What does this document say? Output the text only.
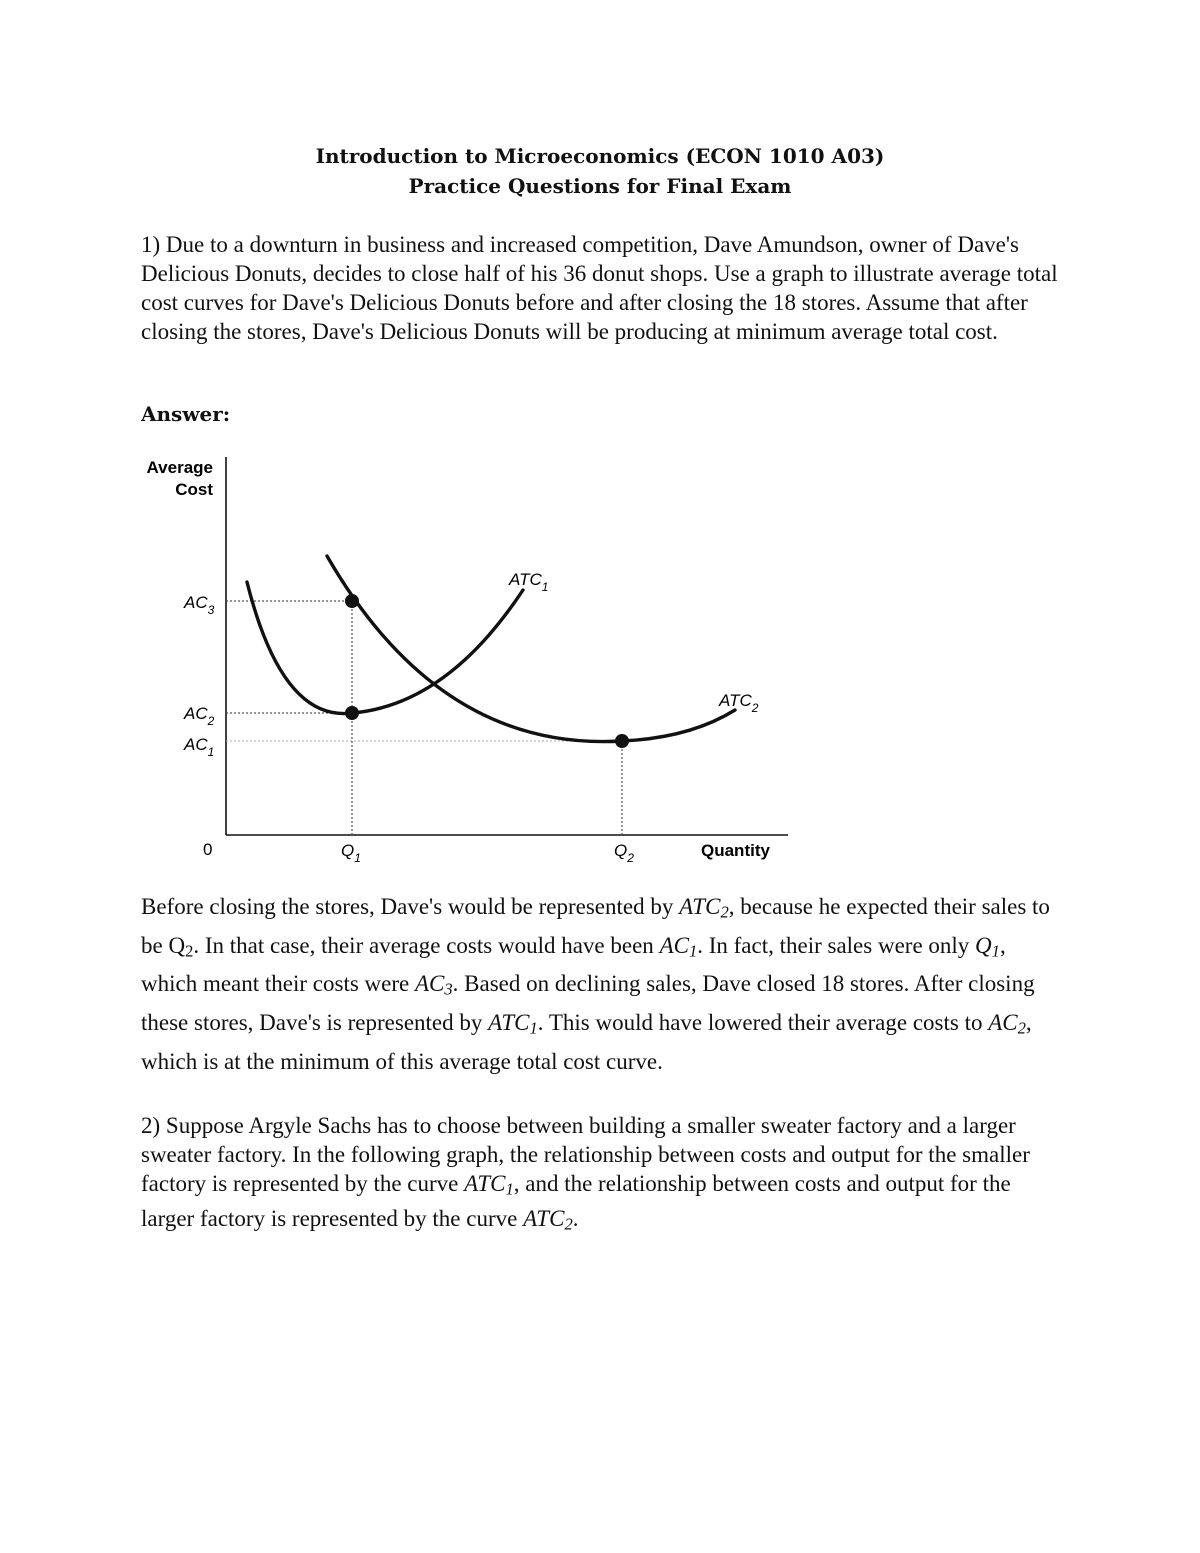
Introduction to Microeconomics (ECON 1010 A03)
Practice Questions for Final Exam

1) Due to a downturn in business and increased competition, Dave Amundson, owner of Dave's Delicious Donuts, decides to close half of his 36 donut shops. Use a graph to illustrate average total cost curves for Dave's Delicious Donuts before and after closing the 18 stores. Assume that after closing the stores, Dave's Delicious Donuts will be producing at minimum average total cost.

Answer:
Average
Cost
$ATC_1$
$ATC_2$
$AC_3$
$AC_2$
$AC_1$
0	$Q_1$	$Q_2$	Quantity

Before closing the stores, Dave's would be represented by $ATC_2$, because he expected their sales to be $Q_2$. In that case, their average costs would have been $AC_1$. In fact, their sales were only $Q_1$, which meant their costs were $AC_3$. Based on declining sales, Dave closed 18 stores. After closing these stores, Dave's is represented by $ATC_1$. This would have lowered their average costs to $AC_2$, which is at the minimum of this average total cost curve.

2) Suppose Argyle Sachs has to choose between building a smaller sweater factory and a larger sweater factory. In the following graph, the relationship between costs and output for the smaller factory is represented by the curve $ATC_1$, and the relationship between costs and output for the larger factory is represented by the curve $ATC_2$.
